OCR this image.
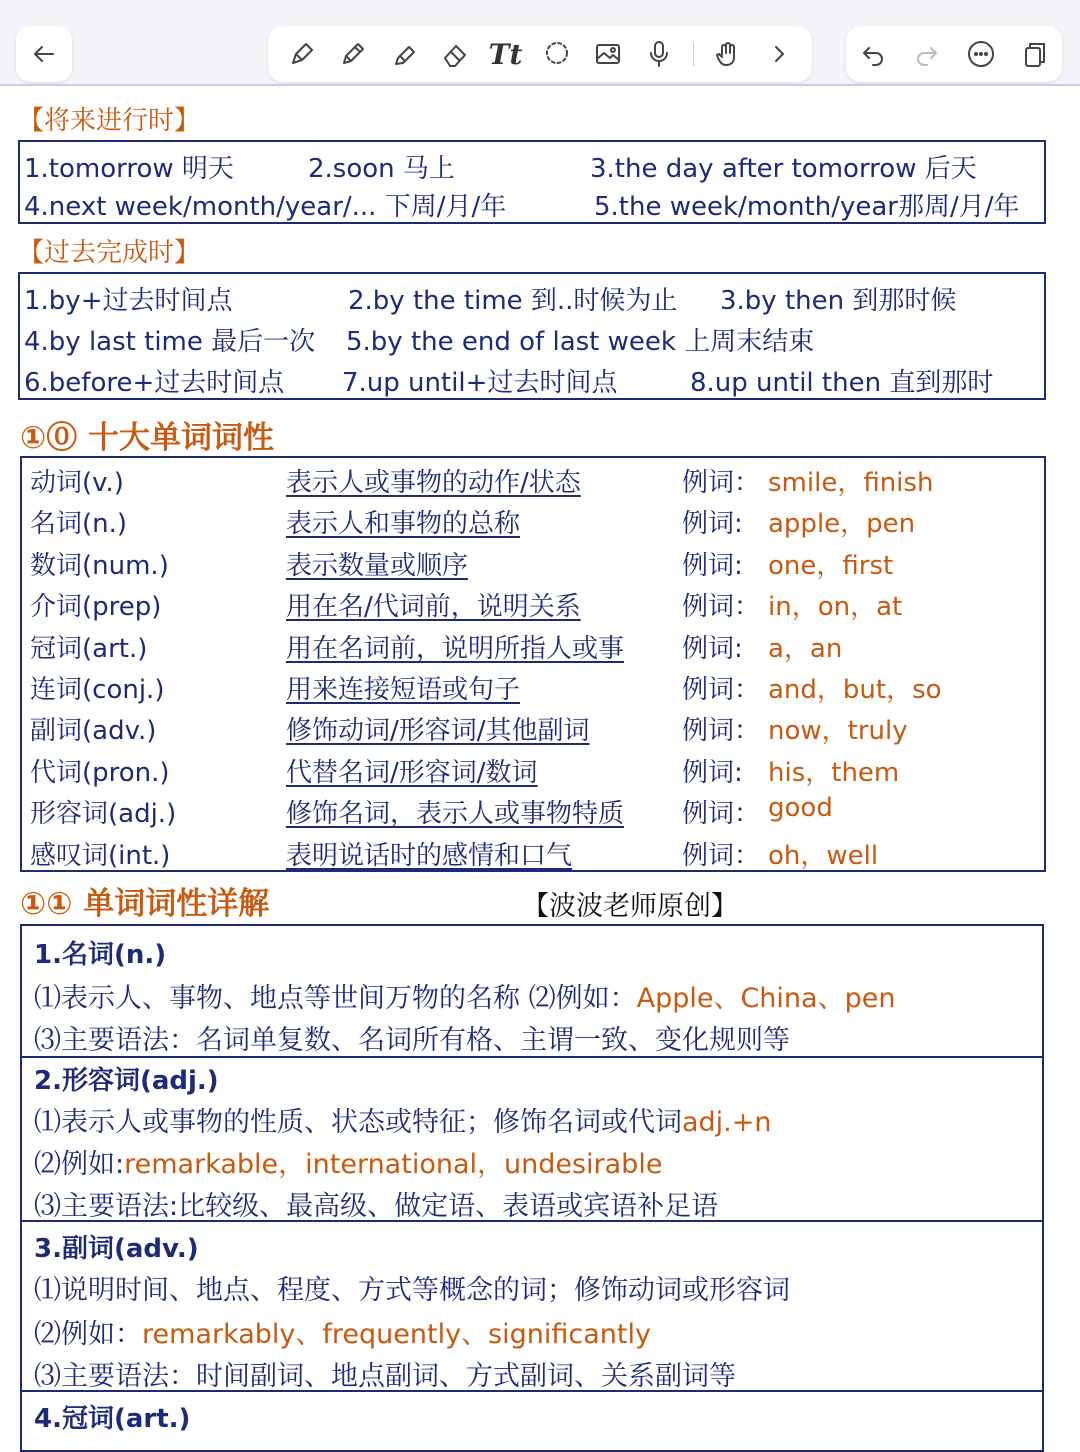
Tt
【将来进行时】
1.tomorrow 明天	2.soon 马上	3.the day after tomorrow 后天
4.next week/month/year/... 下周/月/年	5.the week/month/year那周/月/年
【过去完成时】
1.by+过去时间点	2.by the time 到..时候为止 3.by then 到那时候
4.by last time 最后一次 5.by the end of last week 上周末结束
6.before+过去时间点 7.up until+过去时间点	8.up until then 直到那时
①⓪ 十大单词词性
动词(v.)	表示人或事物的动作/状态	例词： smile，finish
名词(n.)	表示人和事物的总称	例词: apple，pen
数词(num.)	表示数量或顺序	例词: one，first
介词(prep)	用在名/代词前，说明关系	例词： in，on，at
冠词(art.)	用在名词前，说明所指人或事 例词: a，an
连词(conj.)	用来连接短语或句子	例词： and，but，so
副词(adv.)	修饰动词/形容词/其他副词	例词： now，truly
代词(pron.)	代替名词/形容词/数词	例词: his，them
形容词(adj.)	修饰名词，表示人或事物特质 例词： good
感叹词(int.)	表明说话时的感情和口气	例词： oh，well
①① 单词词性详解	【波波老师原创】
1.名词(n.)
⑴表示人、事物、地点等世间万物的名称 ⑵例如：Apple、China、pen
⑶主要语法：名词单复数、名词所有格、主谓一致、变化规则等
2.形容词(adj.)
⑴表示人或事物的性质、状态或特征；修饰名词或代词adj.+n
⑵例如:remarkable，international，undesirable
⑶主要语法:比较级、最高级、做定语、表语或宾语补足语
3.副词(adv.)
⑴说明时间、地点、程度、方式等概念的词；修饰动词或形容词
⑵例如：remarkably、frequently、significantly
⑶主要语法：时间副词、地点副词、方式副词、关系副词等
4.冠词(art.)
